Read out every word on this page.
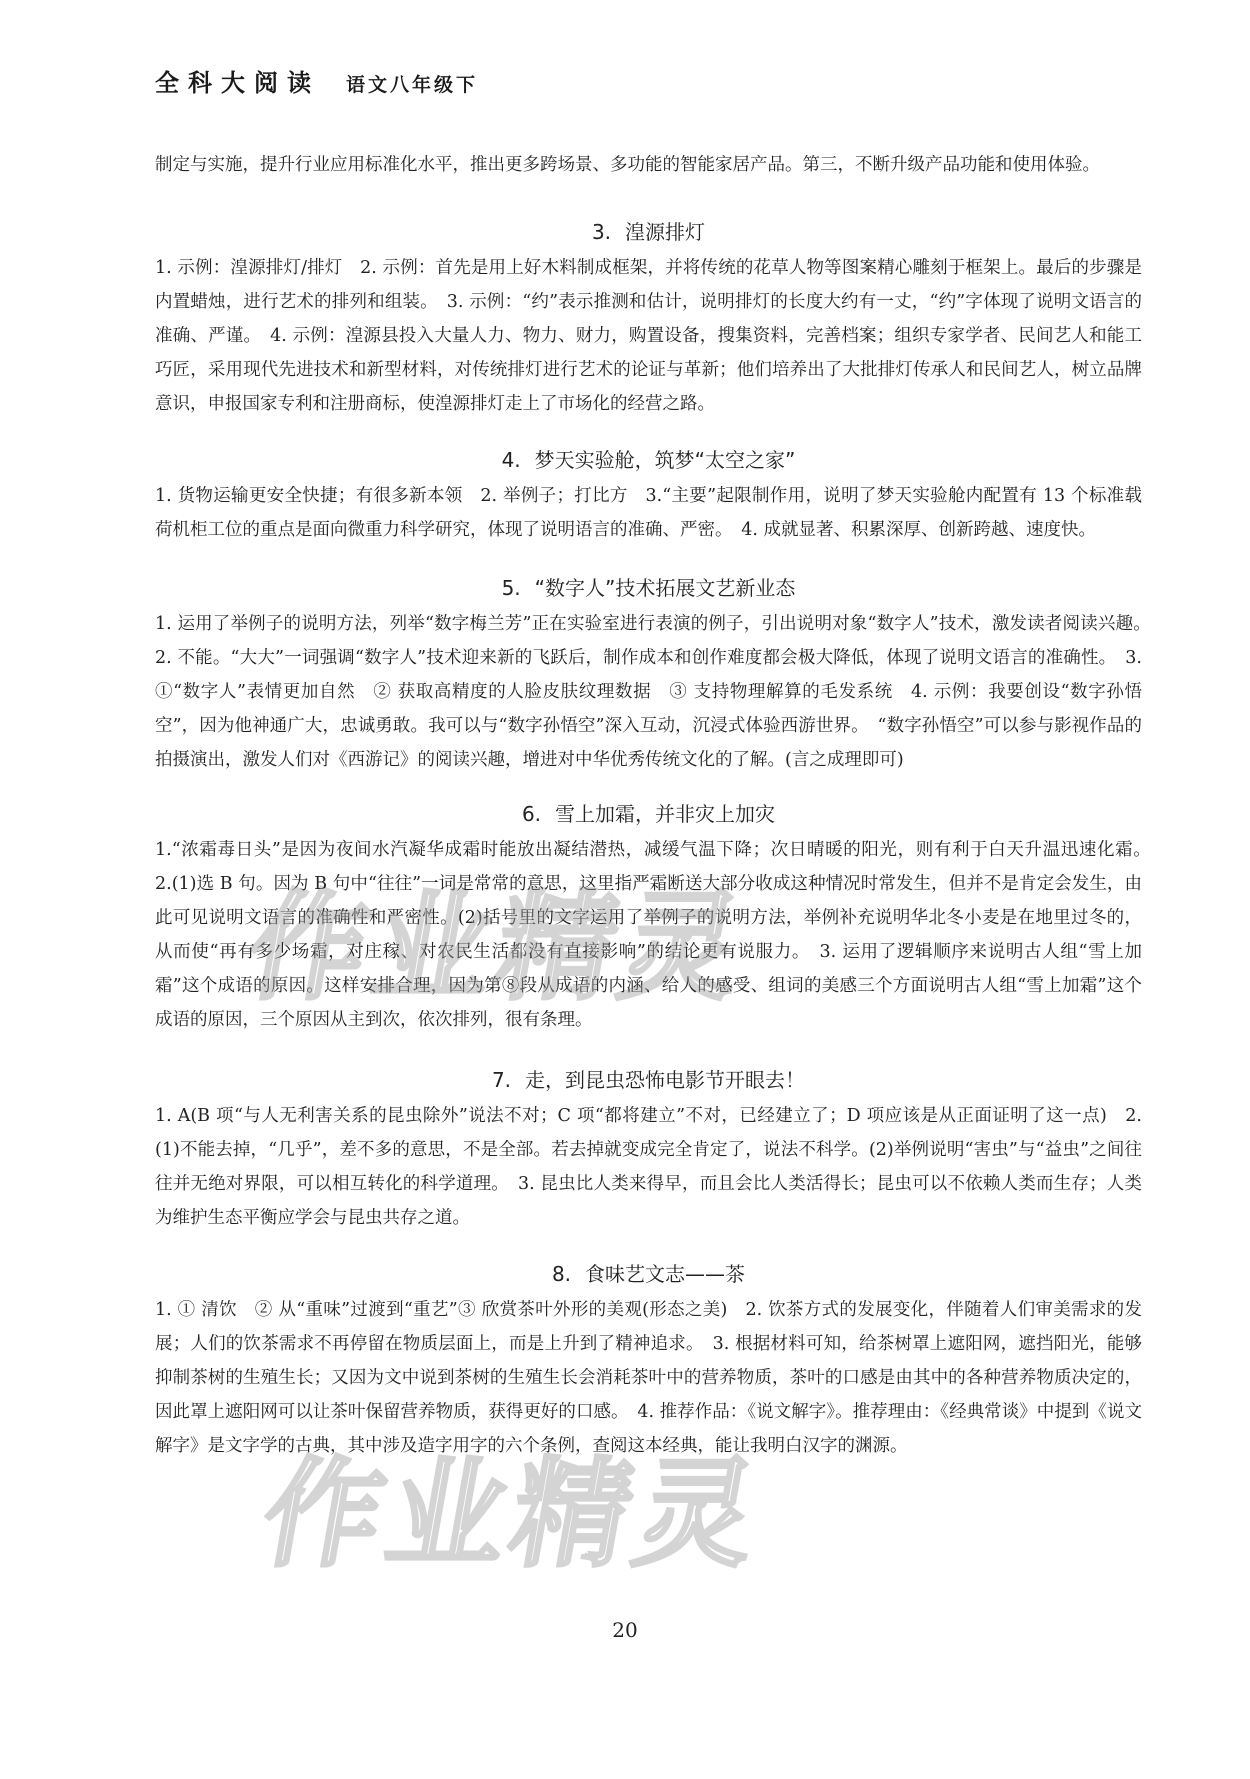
全科大阅读 语文八年级下

制定与实施，提升行业应用标准化水平，推出更多跨场景、多功能的智能家居产品。第三，不断升级产品功能和使用体验。

3. 湟源排灯

1. 示例：湟源排灯/排灯　2. 示例：首先是用上好木料制成框架，并将传统的花草人物等图案精心雕刻于框架上。最后的步骤是内置蜡烛，进行艺术的排列和组装。　3. 示例：“约”表示推测和估计，说明排灯的长度大约有一丈，“约”字体现了说明文语言的准确、严谨。　4. 示例：湟源县投入大量人力、物力、财力，购置设备，搜集资料，完善档案；组织专家学者、民间艺人和能工巧匠，采用现代先进技术和新型材料，对传统排灯进行艺术的论证与革新；他们培养出了大批排灯传承人和民间艺人，树立品牌意识，申报国家专利和注册商标，使湟源排灯走上了市场化的经营之路。

4. 梦天实验舱，筑梦“太空之家”

1. 货物运输更安全快捷；有很多新本领　2. 举例子；打比方　3.“主要”起限制作用，说明了梦天实验舱内配置有 13 个标准载荷机柜工位的重点是面向微重力科学研究，体现了说明语言的准确、严密。　4. 成就显著、积累深厚、创新跨越、速度快。

5. “数字人”技术拓展文艺新业态

1. 运用了举例子的说明方法，列举“数字梅兰芳”正在实验室进行表演的例子，引出说明对象“数字人”技术，激发读者阅读兴趣。　2. 不能。“大大”一词强调“数字人”技术迎来新的飞跃后，制作成本和创作难度都会极大降低，体现了说明文语言的准确性。　3. ①“数字人”表情更加自然　② 获取高精度的人脸皮肤纹理数据　③ 支持物理解算的毛发系统　4. 示例：我要创设“数字孙悟空”，因为他神通广大，忠诚勇敢。我可以与“数字孙悟空”深入互动，沉浸式体验西游世界。　“数字孙悟空”可以参与影视作品的拍摄演出，激发人们对《西游记》的阅读兴趣，增进对中华优秀传统文化的了解。(言之成理即可)

6. 雪上加霜，并非灾上加灾

1.“浓霜毒日头”是因为夜间水汽凝华成霜时能放出凝结潜热，减缓气温下降；次日晴暖的阳光，则有利于白天升温迅速化霜。　2.(1)选 B 句。因为 B 句中“往往”一词是常常的意思，这里指严霜断送大部分收成这种情况时常发生，但并不是肯定会发生，由此可见说明文语言的准确性和严密性。(2)括号里的文字运用了举例子的说明方法，举例补充说明华北冬小麦是在地里过冬的，从而使“再有多少场霜，对庄稼、对农民生活都没有直接影响”的结论更有说服力。　3. 运用了逻辑顺序来说明古人组“雪上加霜”这个成语的原因。这样安排合理，因为第⑧段从成语的内涵、给人的感受、组词的美感三个方面说明古人组“雪上加霜”这个成语的原因，三个原因从主到次，依次排列，很有条理。

7. 走，到昆虫恐怖电影节开眼去！

1. A(B 项“与人无利害关系的昆虫除外”说法不对；C 项“都将建立”不对，已经建立了；D 项应该是从正面证明了这一点)　2.(1)不能去掉，“几乎”，差不多的意思，不是全部。若去掉就变成完全肯定了，说法不科学。(2)举例说明“害虫”与“益虫”之间往往并无绝对界限，可以相互转化的科学道理。　3. 昆虫比人类来得早，而且会比人类活得长；昆虫可以不依赖人类而生存；人类为维护生态平衡应学会与昆虫共存之道。

8. 食味艺文志——茶

1. ① 清饮　② 从“重味”过渡到“重艺”③ 欣赏茶叶外形的美观(形态之美)　2. 饮茶方式的发展变化，伴随着人们审美需求的发展；人们的饮茶需求不再停留在物质层面上，而是上升到了精神追求。　3. 根据材料可知，给茶树罩上遮阳网，遮挡阳光，能够抑制茶树的生殖生长；又因为文中说到茶树的生殖生长会消耗茶叶中的营养物质，茶叶的口感是由其中的各种营养物质决定的，因此罩上遮阳网可以让茶叶保留营养物质，获得更好的口感。　4. 推荐作品：《说文解字》。推荐理由：《经典常谈》中提到《说文解字》是文字学的古典，其中涉及造字用字的六个条例，查阅这本经典，能让我明白汉字的渊源。

作
业
精
灵
作
业
精
灵
20
